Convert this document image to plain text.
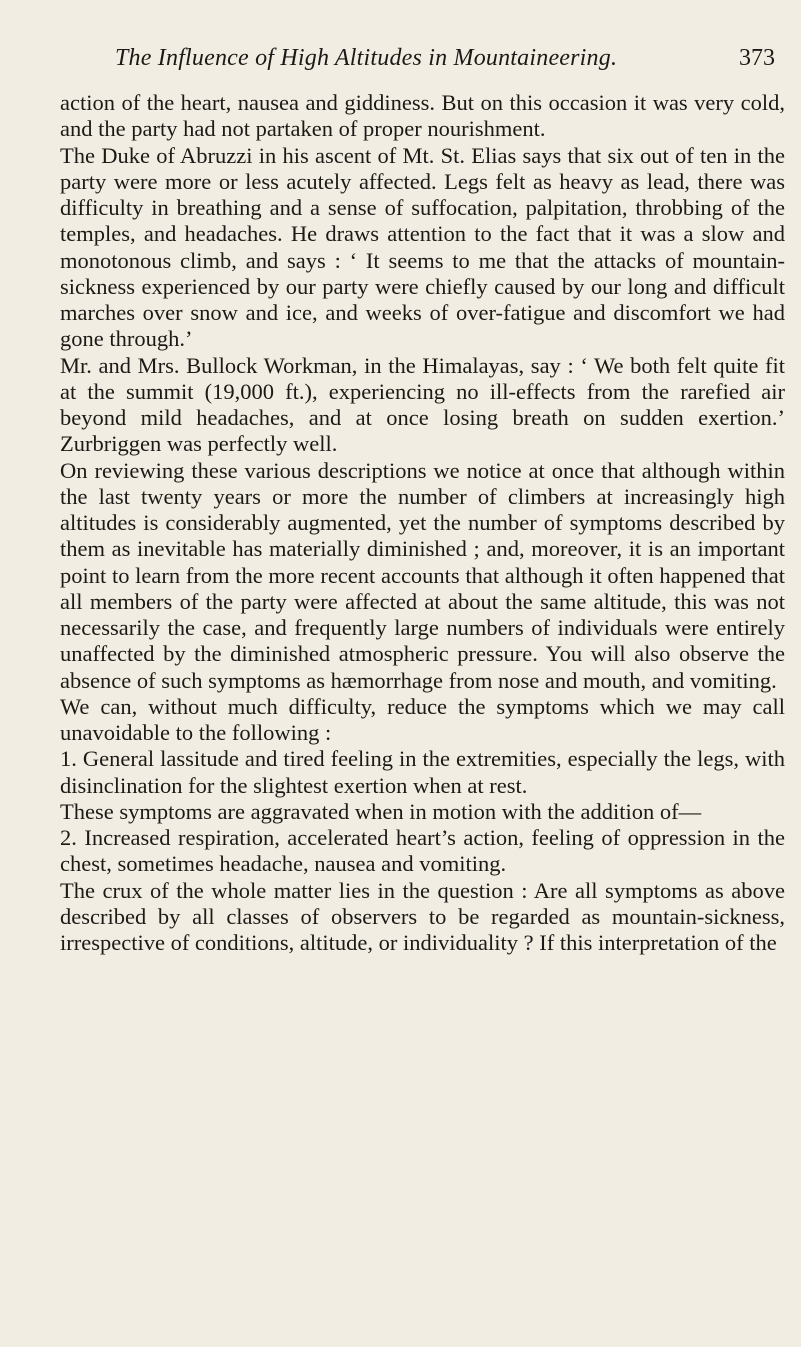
The Influence of High Altitudes in Mountaineering.	373

action of the heart, nausea and giddiness. But on this occasion it was very cold, and the party had not partaken of proper nourishment.

The Duke of Abruzzi in his ascent of Mt. St. Elias says that six out of ten in the party were more or less acutely affected. Legs felt as heavy as lead, there was difficulty in breathing and a sense of suffocation, palpitation, throbbing of the temples, and headaches. He draws attention to the fact that it was a slow and monotonous climb, and says : ‘ It seems to me that the attacks of mountain-sickness experienced by our party were chiefly caused by our long and difficult marches over snow and ice, and weeks of over-fatigue and discomfort we had gone through.’

Mr. and Mrs. Bullock Workman, in the Himalayas, say : ‘ We both felt quite fit at the summit (19,000 ft.), experiencing no ill-effects from the rarefied air beyond mild headaches, and at once losing breath on sudden exertion.’ Zurbriggen was perfectly well.

On reviewing these various descriptions we notice at once that although within the last twenty years or more the number of climbers at increasingly high altitudes is considerably augmented, yet the number of symptoms described by them as inevitable has materially diminished ; and, moreover, it is an important point to learn from the more recent accounts that although it often happened that all members of the party were affected at about the same altitude, this was not necessarily the case, and frequently large numbers of individuals were entirely unaffected by the diminished atmospheric pressure. You will also observe the absence of such symptoms as hæmorrhage from nose and mouth, and vomiting.

We can, without much difficulty, reduce the symptoms which we may call unavoidable to the following :

1. General lassitude and tired feeling in the extremities, especially the legs, with disinclination for the slightest exertion when at rest.

These symptoms are aggravated when in motion with the addition of—

2. Increased respiration, accelerated heart’s action, feeling of oppression in the chest, sometimes headache, nausea and vomiting.

The crux of the whole matter lies in the question : Are all symptoms as above described by all classes of observers to be regarded as mountain-sickness, irrespective of conditions, altitude, or individuality ? If this interpretation of the
